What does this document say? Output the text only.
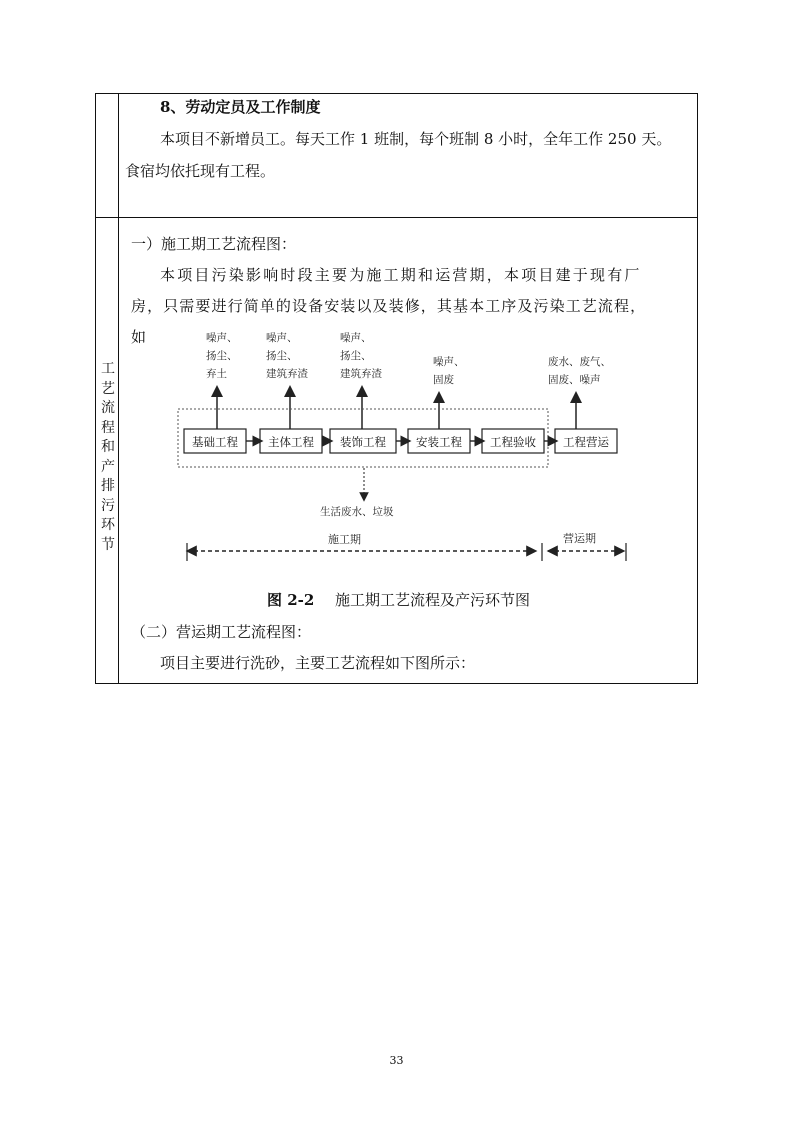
8、劳动定员及工作制度
本项目不新增员工。每天工作 1 班制，每个班制 8 小时，全年工作 250 天。
食宿均依托现有工程。
工艺流程和产排污环节
一）施工期工艺流程图：
本项目污染影响时段主要为施工期和运营期，本项目建于现有厂
房，只需要进行简单的设备安装以及装修，其基本工序及污染工艺流程，
如	噪声、
扬尘、
弃土
噪声、
扬尘、
建筑弃渣
噪声、
扬尘、
建筑弃渣
噪声、
固废
废水、废气、
固废、噪声
基础工程	主体工程 装饰工程	安装工程 工程验收 工程营运
生活废水、垃圾
施工期	营运期
图 2-2 施工期工艺流程及产污环节图
（二）营运期工艺流程图：
项目主要进行洗砂，主要工艺流程如下图所示：
33
